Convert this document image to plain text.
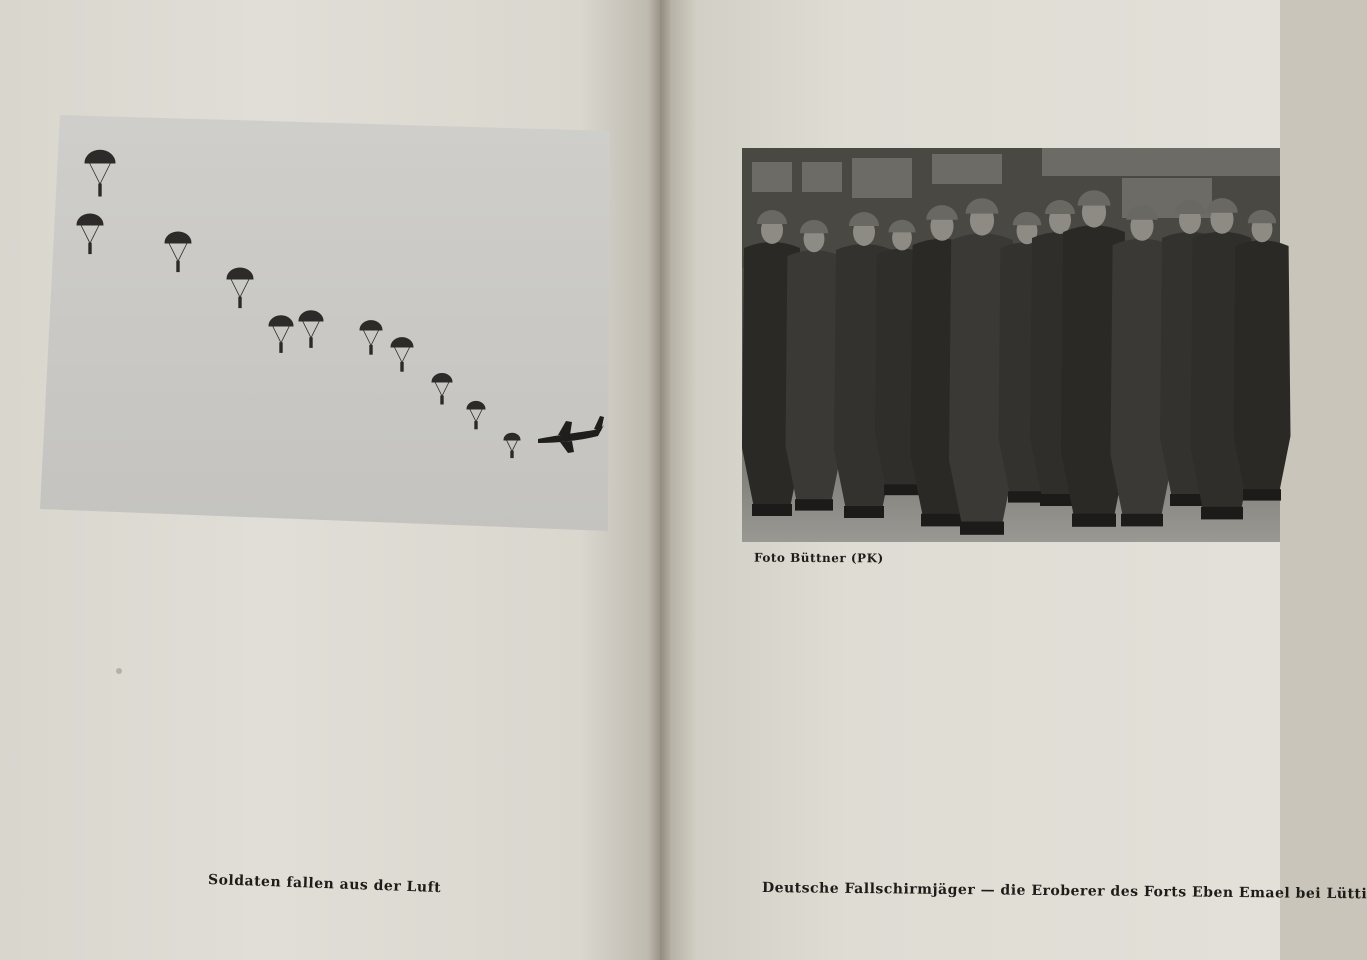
Foto Büttner (PK)
Soldaten fallen aus der Luft	Deutsche Fallschirmjäger — die Eroberer des Forts Eben Emael bei Lütti
